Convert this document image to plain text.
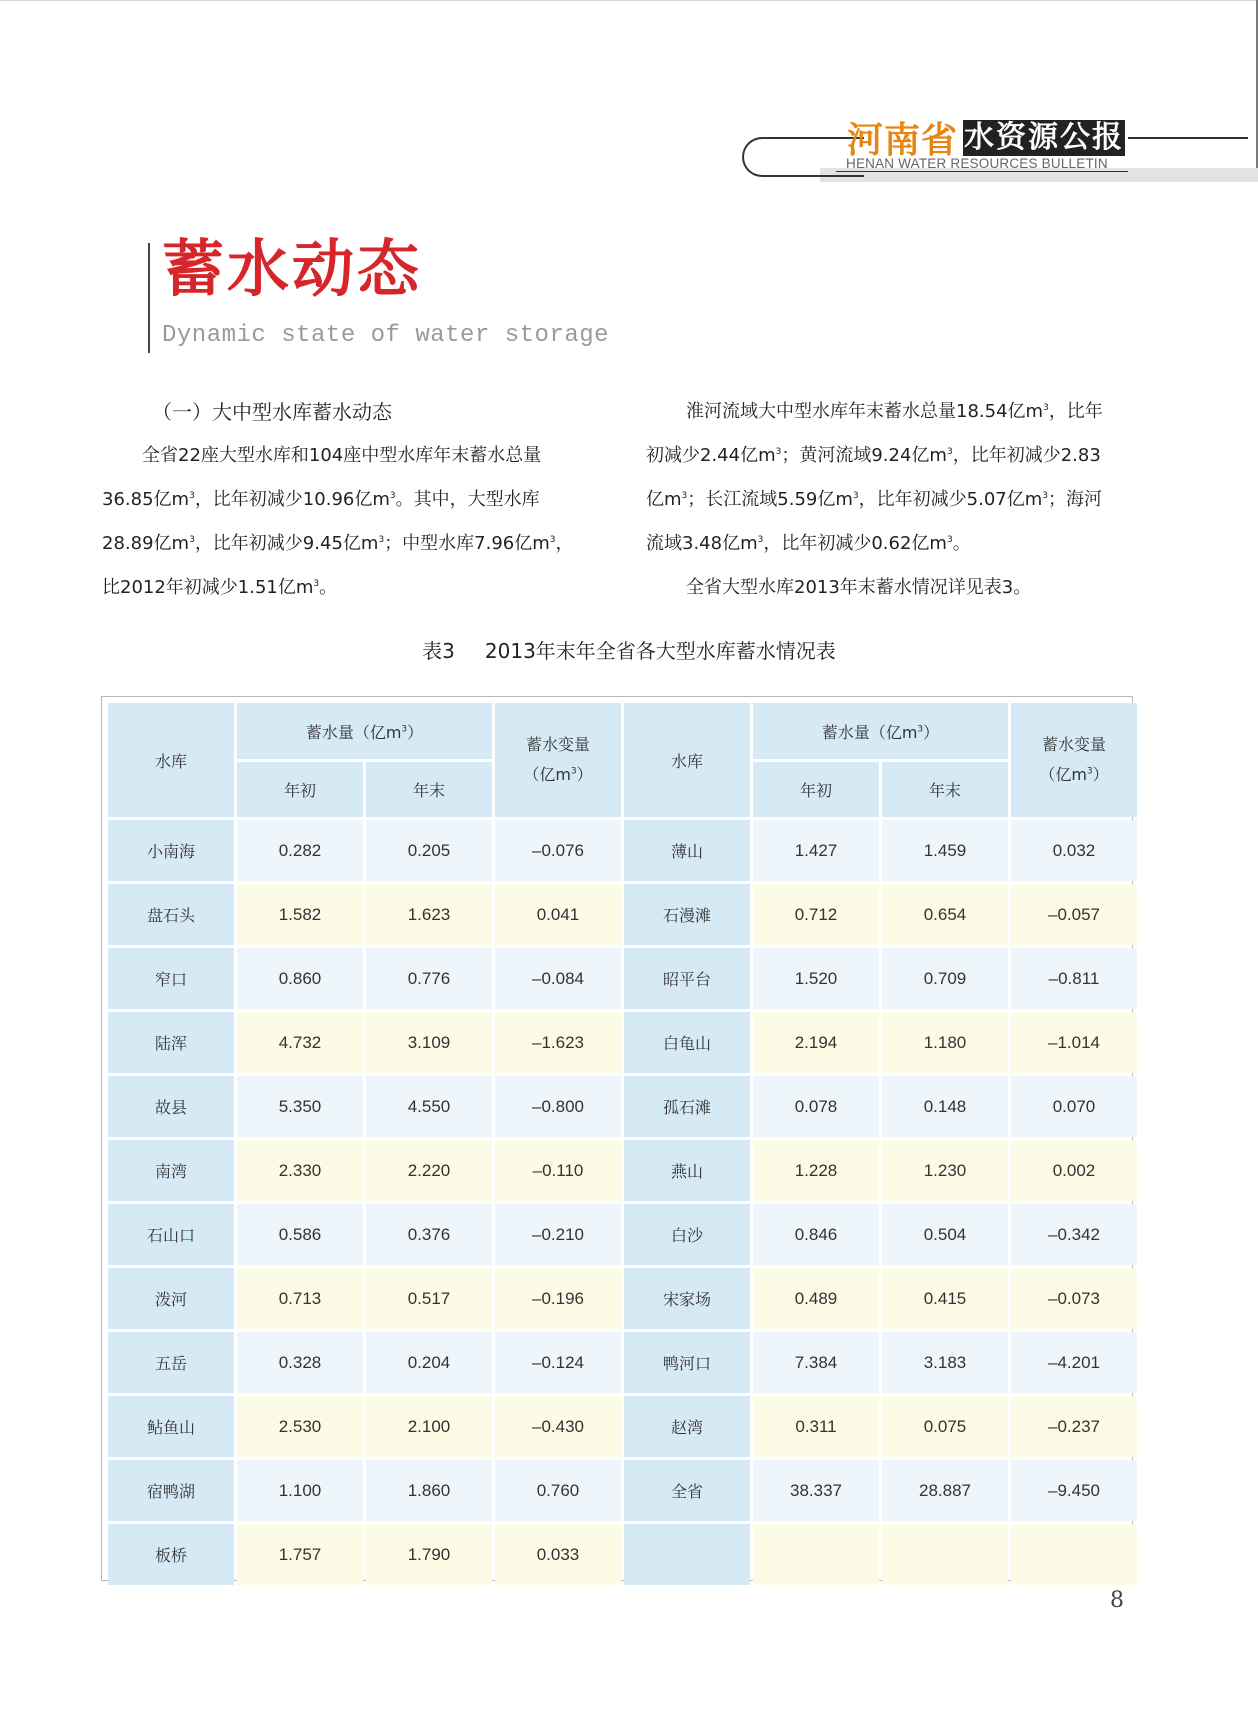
河南省 水资源公报
HENAN WATER RESOURCES BULLETIN
蓄水动态
Dynamic state of water storage

（一）大中型水库蓄水动态

全省22座大型水库和104座中型水库年末蓄水总量

36.85亿$m^3$，比年初减少10.96亿$m^3$。其中，大型水库

28.89亿$m^3$，比年初减少9.45亿$m^3$；中型水库7.96亿$m^3$，

比2012年初减少1.51亿$m^3$。

淮河流域大中型水库年末蓄水总量18.54亿$m^3$，比年

初减少2.44亿$m^3$；黄河流域9.24亿$m^3$，比年初减少2.83

亿$m^3$；长江流域5.59亿$m^3$，比年初减少5.07亿$m^3$；海河

流域3.48亿$m^3$，比年初减少0.62亿$m^3$。

全省大型水库2013年末蓄水情况详见表3。

表3 2013年末年全省各大型水库蓄水情况表
水库	蓄水量（亿$m^3$）		蓄水变量
（亿$m^3$）	水库	蓄水量（亿$m^3$）		蓄水变量
（亿$m^3$）
	年初	年末			年初	年末	
小南海	0.282	0.205	–0.076	薄山	1.427	1.459	0.032
盘石头	1.582	1.623	0.041	石漫滩	0.712	0.654	–0.057
窄口	0.860	0.776	–0.084	昭平台	1.520	0.709	–0.811
陆浑	4.732	3.109	–1.623	白龟山	2.194	1.180	–1.014
故县	5.350	4.550	–0.800	孤石滩	0.078	0.148	0.070
南湾	2.330	2.220	–0.110	燕山	1.228	1.230	0.002
石山口	0.586	0.376	–0.210	白沙	0.846	0.504	–0.342
泼河	0.713	0.517	–0.196	宋家场	0.489	0.415	–0.073
五岳	0.328	0.204	–0.124	鸭河口	7.384	3.183	–4.201
鲇鱼山	2.530	2.100	–0.430	赵湾	0.311	0.075	–0.237
宿鸭湖	1.100	1.860	0.760	全省	38.337	28.887	–9.450
板桥	1.757	1.790	0.033				
8
